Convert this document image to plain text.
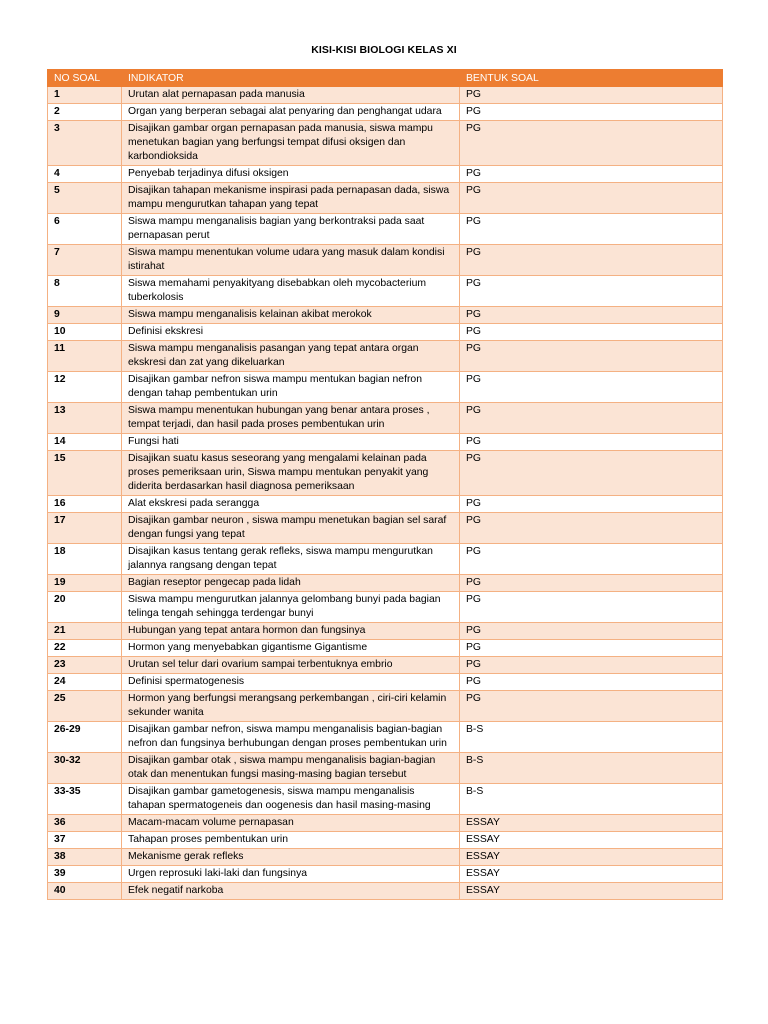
KISI-KISI BIOLOGI KELAS XI
NO SOAL	INDIKATOR	BENTUK SOAL
1	Urutan alat pernapasan pada manusia	PG
2	Organ yang berperan sebagai alat penyaring dan penghangat udara	PG
3	Disajikan gambar organ pernapasan pada manusia, siswa mampu menetukan bagian yang berfungsi tempat difusi oksigen dan karbondioksida	PG
4	Penyebab terjadinya difusi oksigen	PG
5	Disajikan tahapan mekanisme inspirasi pada pernapasan dada, siswa mampu mengurutkan tahapan yang tepat	PG
6	Siswa mampu menganalisis bagian yang berkontraksi pada saat pernapasan perut	PG
7	Siswa mampu menentukan volume udara yang masuk dalam kondisi istirahat	PG
8	Siswa memahami penyakityang disebabkan oleh mycobacterium tuberkolosis	PG
9	Siswa mampu menganalisis kelainan akibat merokok	PG
10	Definisi ekskresi	PG
11	Siswa mampu menganalisis pasangan yang tepat antara organ ekskresi dan zat yang dikeluarkan	PG
12	Disajikan gambar nefron siswa mampu mentukan bagian nefron dengan tahap pembentukan urin	PG
13	Siswa mampu menentukan hubungan yang benar antara proses , tempat terjadi, dan hasil pada proses pembentukan urin	PG
14	Fungsi hati	PG
15	Disajikan suatu kasus seseorang yang mengalami kelainan pada proses pemeriksaan urin, Siswa mampu mentukan penyakit yang diderita berdasarkan hasil diagnosa pemeriksaan	PG
16	Alat ekskresi pada serangga	PG
17	Disajikan gambar neuron , siswa mampu menetukan bagian sel saraf dengan fungsi yang tepat	PG
18	Disajikan kasus tentang gerak refleks, siswa mampu mengurutkan jalannya rangsang dengan tepat	PG
19	Bagian reseptor pengecap pada lidah	PG
20	Siswa mampu mengurutkan jalannya gelombang bunyi pada bagian telinga tengah sehingga terdengar bunyi	PG
21	Hubungan yang tepat antara hormon dan fungsinya	PG
22	Hormon yang menyebabkan gigantisme Gigantisme	PG
23	Urutan sel telur dari ovarium sampai terbentuknya embrio	PG
24	Definisi spermatogenesis	PG
25	Hormon yang berfungsi merangsang perkembangan , ciri-ciri kelamin sekunder wanita	PG
26-29	Disajikan gambar nefron, siswa mampu menganalisis bagian-bagian nefron dan fungsinya berhubungan dengan proses pembentukan urin	B-S
30-32	Disajikan gambar otak , siswa mampu menganalisis bagian-bagian otak dan menentukan fungsi masing-masing bagian tersebut	B-S
33-35	Disajikan gambar gametogenesis, siswa mampu menganalisis tahapan spermatogeneis dan oogenesis dan hasil masing-masing	B-S
36	Macam-macam volume pernapasan	ESSAY
37	Tahapan proses pembentukan urin	ESSAY
38	Mekanisme gerak refleks	ESSAY
39	Urgen reprosuki laki-laki dan fungsinya	ESSAY
40	Efek negatif narkoba	ESSAY
